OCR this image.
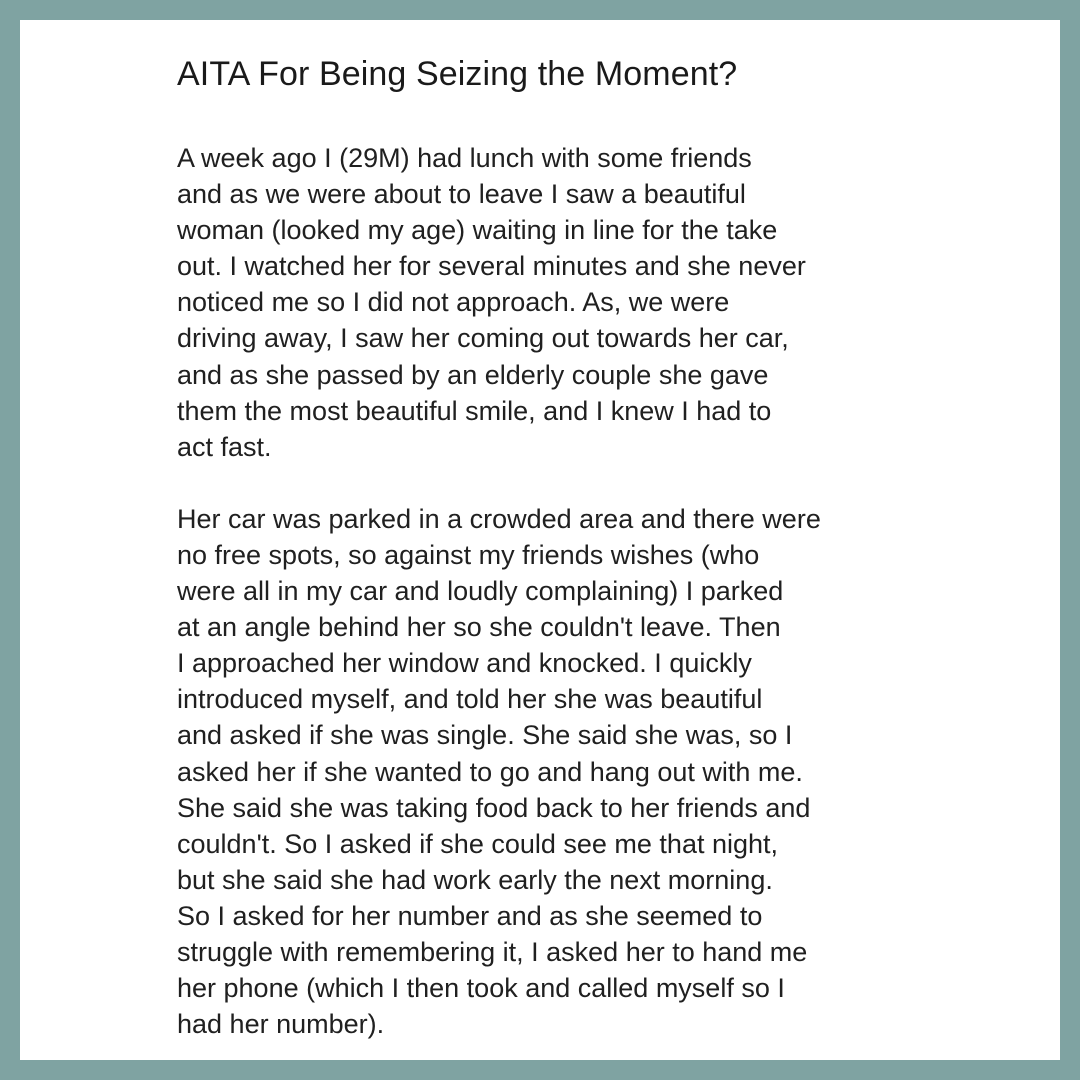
AITA For Being Seizing the Moment?

A week ago I (29M) had lunch with some friends
and as we were about to leave I saw a beautiful
woman (looked my age) waiting in line for the take
out. I watched her for several minutes and she never
noticed me so I did not approach. As, we were
driving away, I saw her coming out towards her car,
and as she passed by an elderly couple she gave
them the most beautiful smile, and I knew I had to
act fast.

Her car was parked in a crowded area and there were
no free spots, so against my friends wishes (who
were all in my car and loudly complaining) I parked
at an angle behind her so she couldn't leave. Then
I approached her window and knocked. I quickly
introduced myself, and told her she was beautiful
and asked if she was single. She said she was, so I
asked her if she wanted to go and hang out with me.
She said she was taking food back to her friends and
couldn't. So I asked if she could see me that night,
but she said she had work early the next morning.
So I asked for her number and as she seemed to
struggle with remembering it, I asked her to hand me
her phone (which I then took and called myself so I
had her number).
